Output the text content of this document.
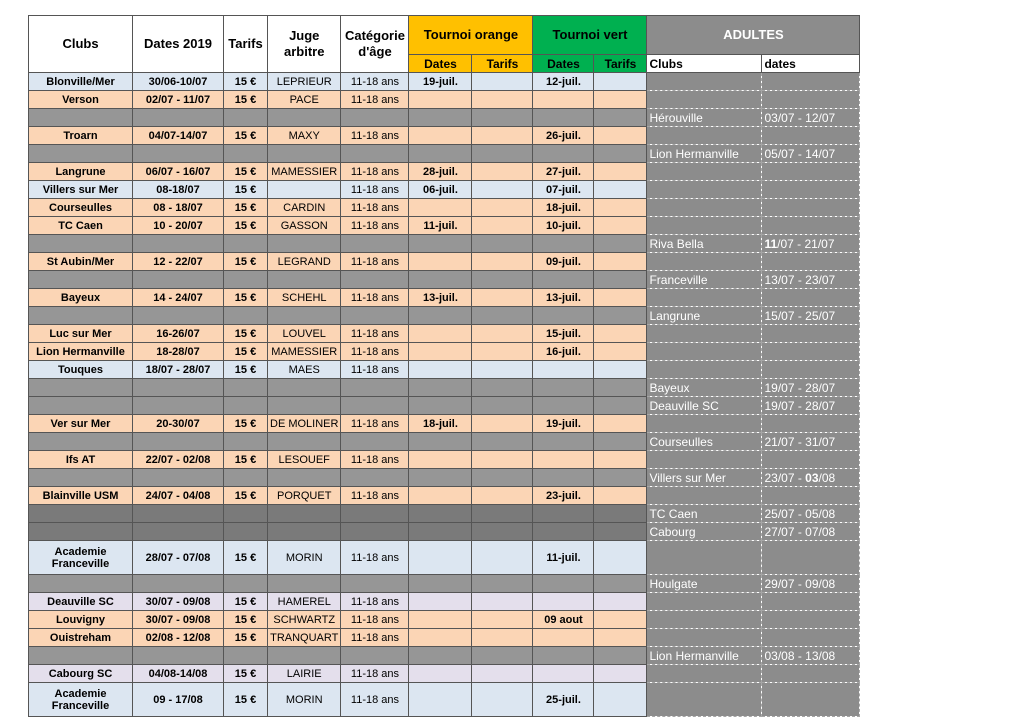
Clubs	Dates 2019	Tarifs	Juge arbitre	Catégorie d'âge	Tournoi orange		Tournoi vert		ADULTES	
					Dates	Tarifs	Dates	Tarifs	Clubs	dates
Blonville/Mer	30/06-10/07	15 €	LEPRIEUR	11-18 ans	19-juil.		12-juil.			
Verson	02/07 - 11/07	15 €	PACE	11-18 ans						
									Hérouville	03/07 - 12/07
Troarn	04/07-14/07	15 €	MAXY	11-18 ans			26-juil.			
									Lion Hermanville	05/07 - 14/07
Langrune	06/07 - 16/07	15 €	MAMESSIER	11-18 ans	28-juil.		27-juil.			
Villers sur Mer	08-18/07	15 €		11-18 ans	06-juil.		07-juil.			
Courseulles	08 - 18/07	15 €	CARDIN	11-18 ans			18-juil.			
TC Caen	10 - 20/07	15 €	GASSON	11-18 ans	11-juil.		10-juil.			
									Riva Bella	11/07 - 21/07
St Aubin/Mer	12 - 22/07	15 €	LEGRAND	11-18 ans			09-juil.			
									Franceville	13/07 - 23/07
Bayeux	14 - 24/07	15 €	SCHEHL	11-18 ans	13-juil.		13-juil.			
									Langrune	15/07 - 25/07
Luc sur Mer	16-26/07	15 €	LOUVEL	11-18 ans			15-juil.			
Lion Hermanville	18-28/07	15 €	MAMESSIER	11-18 ans			16-juil.			
Touques	18/07 - 28/07	15 €	MAES	11-18 ans						
									Bayeux	19/07 - 28/07
									Deauville SC	19/07 - 28/07
Ver sur Mer	20-30/07	15 €	DE MOLINER	11-18 ans	18-juil.		19-juil.			
									Courseulles	21/07 - 31/07
Ifs AT	22/07 - 02/08	15 €	LESOUEF	11-18 ans						
									Villers sur Mer	23/07 - 03/08
Blainville USM	24/07 - 04/08	15 €	PORQUET	11-18 ans			23-juil.			
									TC Caen	25/07 - 05/08
									Cabourg	27/07 - 07/08
Academie Franceville	28/07 - 07/08	15 €	MORIN	11-18 ans			11-juil.			
									Houlgate	29/07 - 09/08
Deauville SC	30/07 - 09/08	15 €	HAMEREL	11-18 ans						
Louvigny	30/07 - 09/08	15 €	SCHWARTZ	11-18 ans			09 aout			
Ouistreham	02/08 - 12/08	15 €	TRANQUART	11-18 ans						
									Lion Hermanville	03/08 - 13/08
Cabourg SC	04/08-14/08	15 €	LAIRIE	11-18 ans						
Academie Franceville	09 - 17/08	15 €	MORIN	11-18 ans			25-juil.			
